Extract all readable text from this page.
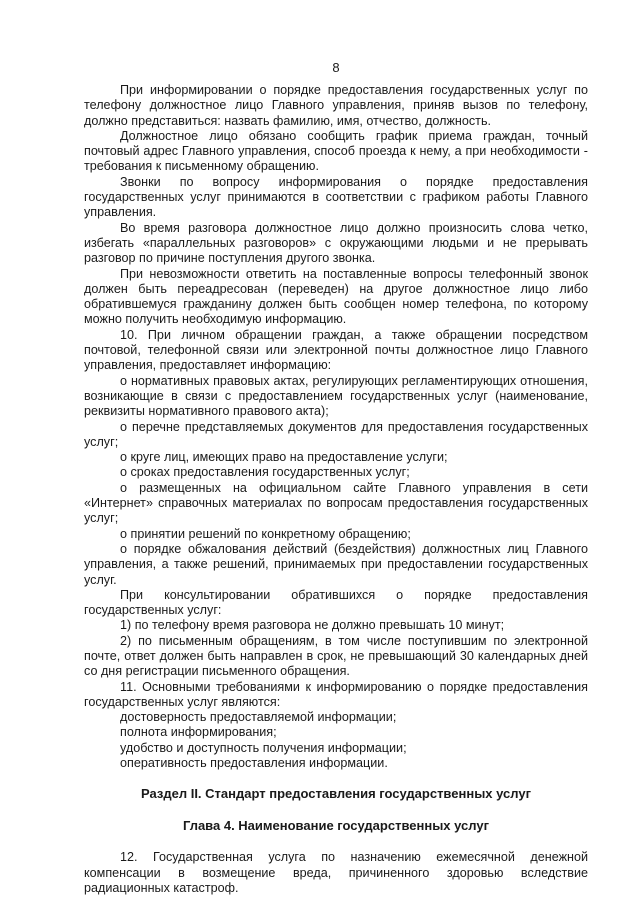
8

При информировании о порядке предоставления государственных услуг по телефону должностное лицо Главного управления, приняв вызов по телефону, должно представиться: назвать фамилию, имя, отчество, должность.

Должностное лицо обязано сообщить график приема граждан, точный почтовый адрес Главного управления, способ проезда к нему, а при необходимости - требования к письменному обращению.

Звонки по вопросу информирования о порядке предоставления государственных услуг принимаются в соответствии с графиком работы Главного управления.

Во время разговора должностное лицо должно произносить слова четко, избегать «параллельных разговоров» с окружающими людьми и не прерывать разговор по причине поступления другого звонка.

При невозможности ответить на поставленные вопросы телефонный звонок должен быть переадресован (переведен) на другое должностное лицо либо обратившемуся гражданину должен быть сообщен номер телефона, по которому можно получить необходимую информацию.

10. При личном обращении граждан, а также обращении посредством почтовой, телефонной связи или электронной почты должностное лицо Главного управления, предоставляет информацию:

о нормативных правовых актах, регулирующих регламентирующих отношения, возникающие в связи с предоставлением государственных услуг (наименование, реквизиты нормативного правового акта);

о перечне представляемых документов для предоставления государственных услуг;

о круге лиц, имеющих право на предоставление услуги;

о сроках предоставления государственных услуг;

о размещенных на официальном сайте Главного управления в сети «Интернет» справочных материалах по вопросам предоставления государственных услуг;

о принятии решений по конкретному обращению;

о порядке обжалования действий (бездействия) должностных лиц Главного управления, а также решений, принимаемых при предоставлении государственных услуг.

При консультировании обратившихся о порядке предоставления государственных услуг:

1) по телефону время разговора не должно превышать 10 минут;

2) по письменным обращениям, в том числе поступившим по электронной почте, ответ должен быть направлен в срок, не превышающий 30 календарных дней со дня регистрации письменного обращения.

11. Основными требованиями к информированию о порядке предоставления государственных услуг являются:

достоверность предоставляемой информации;

полнота информирования;

удобство и доступность получения информации;

оперативность предоставления информации.

Раздел II. Стандарт предоставления государственных услуг
Глава 4. Наименование государственных услуг

12. Государственная услуга по назначению ежемесячной денежной компенсации в возмещение вреда, причиненного здоровью вследствие радиационных катастроф.
